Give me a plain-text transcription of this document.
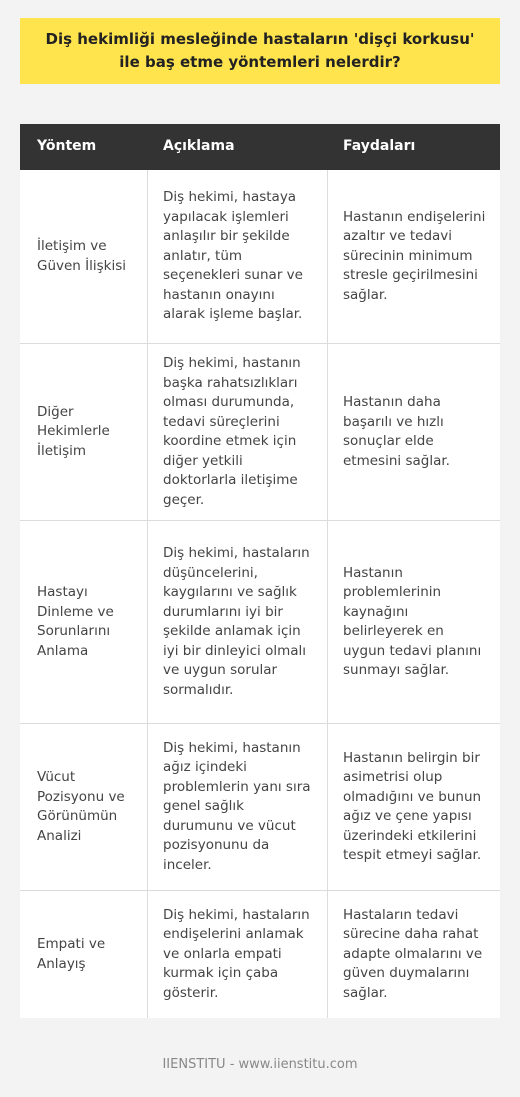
Diş hekimliği mesleğinde hastaların 'dişçi korkusu' ile baş etme yöntemleri nelerdir?
Yöntem	Açıklama	Faydaları
İletişim ve Güven İlişkisi
Diş hekimi, hastaya yapılacak işlemleri anlaşılır bir şekilde anlatır, tüm seçenekleri sunar ve hastanın onayını alarak işleme başlar.
Hastanın endişelerini azaltır ve tedavi sürecinin minimum stresle geçirilmesini sağlar.
Diğer Hekimlerle İletişim
Diş hekimi, hastanın başka rahatsızlıkları olması durumunda, tedavi süreçlerini koordine etmek için diğer yetkili doktorlarla iletişime geçer.
Hastanın daha başarılı ve hızlı sonuçlar elde etmesini sağlar.
Hastayı Dinleme ve Sorunlarını Anlama
Diş hekimi, hastaların düşüncelerini, kaygılarını ve sağlık durumlarını iyi bir şekilde anlamak için iyi bir dinleyici olmalı ve uygun sorular sormalıdır.
Hastanın problemlerinin kaynağını belirleyerek en uygun tedavi planını sunmayı sağlar.
Vücut Pozisyonu ve Görünümün Analizi
Diş hekimi, hastanın ağız içindeki problemlerin yanı sıra genel sağlık durumunu ve vücut pozisyonunu da inceler.
Hastanın belirgin bir asimetrisi olup olmadığını ve bunun ağız ve çene yapısı üzerindeki etkilerini tespit etmeyi sağlar.
Empati ve Anlayış
Diş hekimi, hastaların endişelerini anlamak ve onlarla empati kurmak için çaba gösterir.
Hastaların tedavi sürecine daha rahat adapte olmalarını ve güven duymalarını sağlar.
IIENSTITU - www.iienstitu.com
